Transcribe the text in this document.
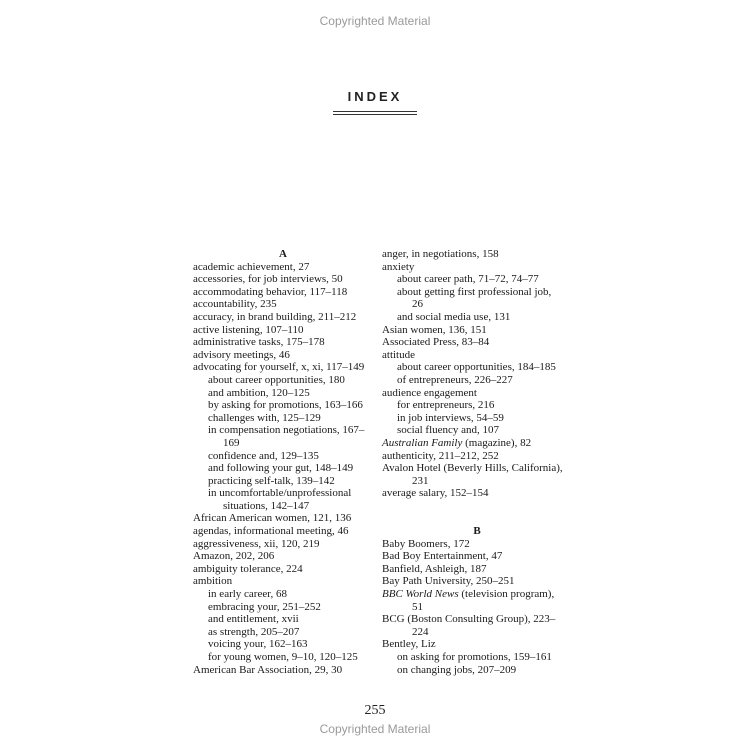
Copyrighted Material
INDEX
A
academic achievement, 27
accessories, for job interviews, 50
accommodating behavior, 117–118
accountability, 235
accuracy, in brand building, 211–212
active listening, 107–110
administrative tasks, 175–178
advisory meetings, 46
advocating for yourself, x, xi, 117–149
about career opportunities, 180
and ambition, 120–125
by asking for promotions, 163–166
challenges with, 125–129
in compensation negotiations, 167–
169
confidence and, 129–135
and following your gut, 148–149
practicing self-talk, 139–142
in uncomfortable/unprofessional
situations, 142–147
African American women, 121, 136
agendas, informational meeting, 46
aggressiveness, xii, 120, 219
Amazon, 202, 206
ambiguity tolerance, 224
ambition
in early career, 68
embracing your, 251–252
and entitlement, xvii
as strength, 205–207
voicing your, 162–163
for young women, 9–10, 120–125
American Bar Association, 29, 30
anger, in negotiations, 158
anxiety
about career path, 71–72, 74–77
about getting first professional job,
26
and social media use, 131
Asian women, 136, 151
Associated Press, 83–84
attitude
about career opportunities, 184–185
of entrepreneurs, 226–227
audience engagement
for entrepreneurs, 216
in job interviews, 54–59
social fluency and, 107
Australian Family (magazine), 82
authenticity, 211–212, 252
Avalon Hotel (Beverly Hills, California),
231
average salary, 152–154
B
Baby Boomers, 172
Bad Boy Entertainment, 47
Banfield, Ashleigh, 187
Bay Path University, 250–251
BBC World News (television program),
51
BCG (Boston Consulting Group), 223–
224
Bentley, Liz
on asking for promotions, 159–161
on changing jobs, 207–209
255
Copyrighted Material
